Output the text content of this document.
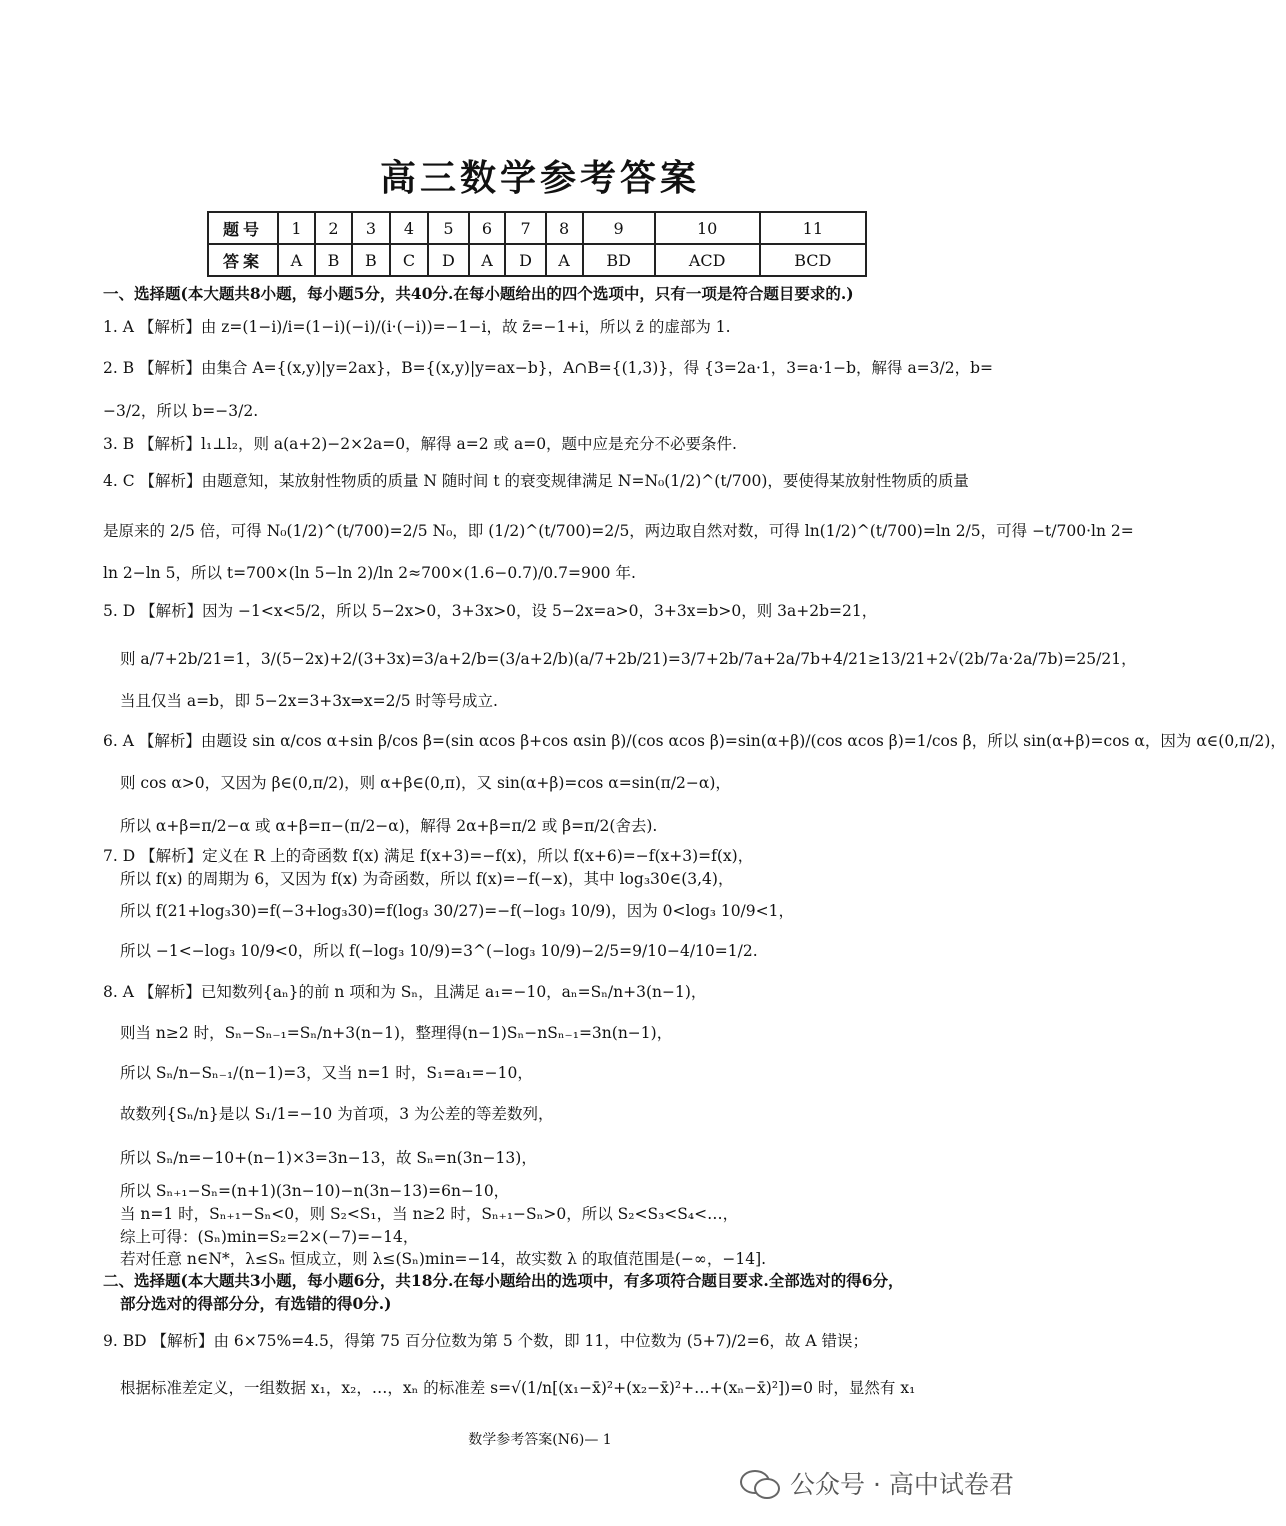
高三数学参考答案
题号	1	2	3	4	5	6	7	8	9	10	11
答案	A	B	B	C	D	A	D	A	BD	ACD	BCD
一、选择题(本大题共8小题，每小题5分，共40分.在每小题给出的四个选项中，只有一项是符合题目要求的.)
1. A 【解析】由 z=(1−i)/i=(1−i)(−i)/(i·(−i))=−1−i，故 z̄=−1+i，所以 z̄ 的虚部为 1.
2. B 【解析】由集合 A={(x,y)|y=2ax}，B={(x,y)|y=ax−b}，A∩B={(1,3)}，得 {3=2a·1，3=a·1−b，解得 a=3/2，b=
−3/2，所以 b=−3/2.
3. B 【解析】l₁⊥l₂，则 a(a+2)−2×2a=0，解得 a=2 或 a=0，题中应是充分不必要条件.
4. C 【解析】由题意知，某放射性物质的质量 N 随时间 t 的衰变规律满足 N=N₀(1/2)^(t/700)，要使得某放射性物质的质量
是原来的 2/5 倍，可得 N₀(1/2)^(t/700)=2/5 N₀，即 (1/2)^(t/700)=2/5，两边取自然对数，可得 ln(1/2)^(t/700)=ln 2/5，可得 −t/700·ln 2=
ln 2−ln 5，所以 t=700×(ln 5−ln 2)/ln 2≈700×(1.6−0.7)/0.7=900 年.
5. D 【解析】因为 −1<x<5/2，所以 5−2x>0，3+3x>0，设 5−2x=a>0，3+3x=b>0，则 3a+2b=21，
则 a/7+2b/21=1，3/(5−2x)+2/(3+3x)=3/a+2/b=(3/a+2/b)(a/7+2b/21)=3/7+2b/7a+2a/7b+4/21≥13/21+2√(2b/7a·2a/7b)=25/21，
当且仅当 a=b，即 5−2x=3+3x⇒x=2/5 时等号成立.
6. A 【解析】由题设 sin α/cos α+sin β/cos β=(sin αcos β+cos αsin β)/(cos αcos β)=sin(α+β)/(cos αcos β)=1/cos β，所以 sin(α+β)=cos α，因为 α∈(0,π/2)，
则 cos α>0，又因为 β∈(0,π/2)，则 α+β∈(0,π)，又 sin(α+β)=cos α=sin(π/2−α)，
所以 α+β=π/2−α 或 α+β=π−(π/2−α)，解得 2α+β=π/2 或 β=π/2(舍去).
7. D 【解析】定义在 R 上的奇函数 f(x) 满足 f(x+3)=−f(x)，所以 f(x+6)=−f(x+3)=f(x)，
所以 f(x) 的周期为 6，又因为 f(x) 为奇函数，所以 f(x)=−f(−x)，其中 log₃30∈(3,4)，
所以 f(21+log₃30)=f(−3+log₃30)=f(log₃ 30/27)=−f(−log₃ 10/9)，因为 0<log₃ 10/9<1，
所以 −1<−log₃ 10/9<0，所以 f(−log₃ 10/9)=3^(−log₃ 10/9)−2/5=9/10−4/10=1/2.
8. A 【解析】已知数列{aₙ}的前 n 项和为 Sₙ，且满足 a₁=−10，aₙ=Sₙ/n+3(n−1)，
则当 n≥2 时，Sₙ−Sₙ₋₁=Sₙ/n+3(n−1)，整理得(n−1)Sₙ−nSₙ₋₁=3n(n−1)，
所以 Sₙ/n−Sₙ₋₁/(n−1)=3，又当 n=1 时，S₁=a₁=−10，
故数列{Sₙ/n}是以 S₁/1=−10 为首项，3 为公差的等差数列，
所以 Sₙ/n=−10+(n−1)×3=3n−13，故 Sₙ=n(3n−13)，
所以 Sₙ₊₁−Sₙ=(n+1)(3n−10)−n(3n−13)=6n−10，
当 n=1 时，Sₙ₊₁−Sₙ<0，则 S₂<S₁，当 n≥2 时，Sₙ₊₁−Sₙ>0，所以 S₂<S₃<S₄<…，
综上可得：(Sₙ)min=S₂=2×(−7)=−14，
若对任意 n∈N*，λ≤Sₙ 恒成立，则 λ≤(Sₙ)min=−14，故实数 λ 的取值范围是(−∞，−14].
二、选择题(本大题共3小题，每小题6分，共18分.在每小题给出的选项中，有多项符合题目要求.全部选对的得6分，
部分选对的得部分分，有选错的得0分.)
9. BD 【解析】由 6×75%=4.5，得第 75 百分位数为第 5 个数，即 11，中位数为 (5+7)/2=6，故 A 错误；
根据标准差定义，一组数据 x₁，x₂，…，xₙ 的标准差 s=√(1/n[(x₁−x̄)²+(x₂−x̄)²+…+(xₙ−x̄)²])=0 时，显然有 x₁
数学参考答案(N6)— 1
公众号 · 高中试卷君
